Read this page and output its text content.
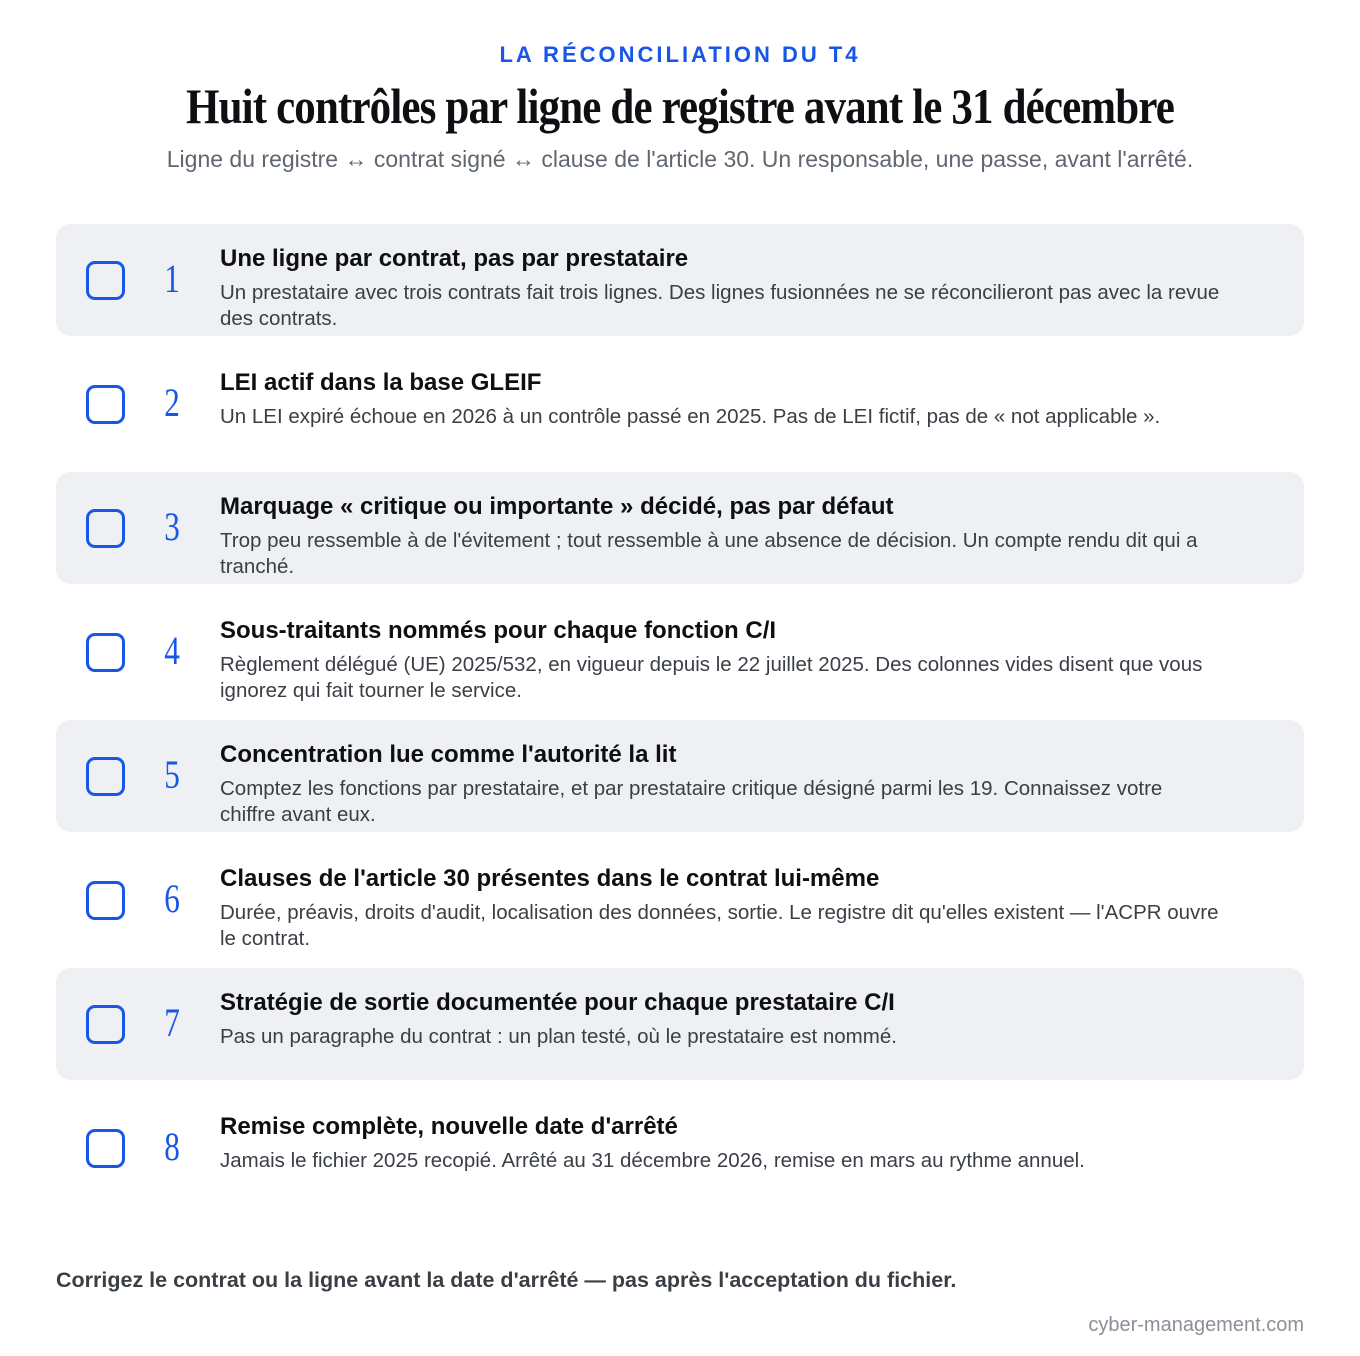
LA RÉCONCILIATION DU T4
Huit contrôles par ligne de registre avant le 31 décembre
Ligne du registre ↔ contrat signé ↔ clause de l'article 30. Un responsable, une passe, avant l'arrêté.
1	Une ligne par contrat, pas par prestataire
Un prestataire avec trois contrats fait trois lignes. Des lignes fusionnées ne se réconcilieront pas avec la revue des contrats.
2	LEI actif dans la base GLEIF
Un LEI expiré échoue en 2026 à un contrôle passé en 2025. Pas de LEI fictif, pas de « not applicable ».
3	Marquage « critique ou importante » décidé, pas par défaut
Trop peu ressemble à de l'évitement ; tout ressemble à une absence de décision. Un compte rendu dit qui a tranché.
4	Sous-traitants nommés pour chaque fonction C/I
Règlement délégué (UE) 2025/532, en vigueur depuis le 22 juillet 2025. Des colonnes vides disent que vous ignorez qui fait tourner le service.
5	Concentration lue comme l'autorité la lit
Comptez les fonctions par prestataire, et par prestataire critique désigné parmi les 19. Connaissez votre chiffre avant eux.
6	Clauses de l'article 30 présentes dans le contrat lui-même
Durée, préavis, droits d'audit, localisation des données, sortie. Le registre dit qu'elles existent — l'ACPR ouvre le contrat.
7	Stratégie de sortie documentée pour chaque prestataire C/I
Pas un paragraphe du contrat : un plan testé, où le prestataire est nommé.
8	Remise complète, nouvelle date d'arrêté
Jamais le fichier 2025 recopié. Arrêté au 31 décembre 2026, remise en mars au rythme annuel.
Corrigez le contrat ou la ligne avant la date d'arrêté — pas après l'acceptation du fichier.
cyber-management.com
